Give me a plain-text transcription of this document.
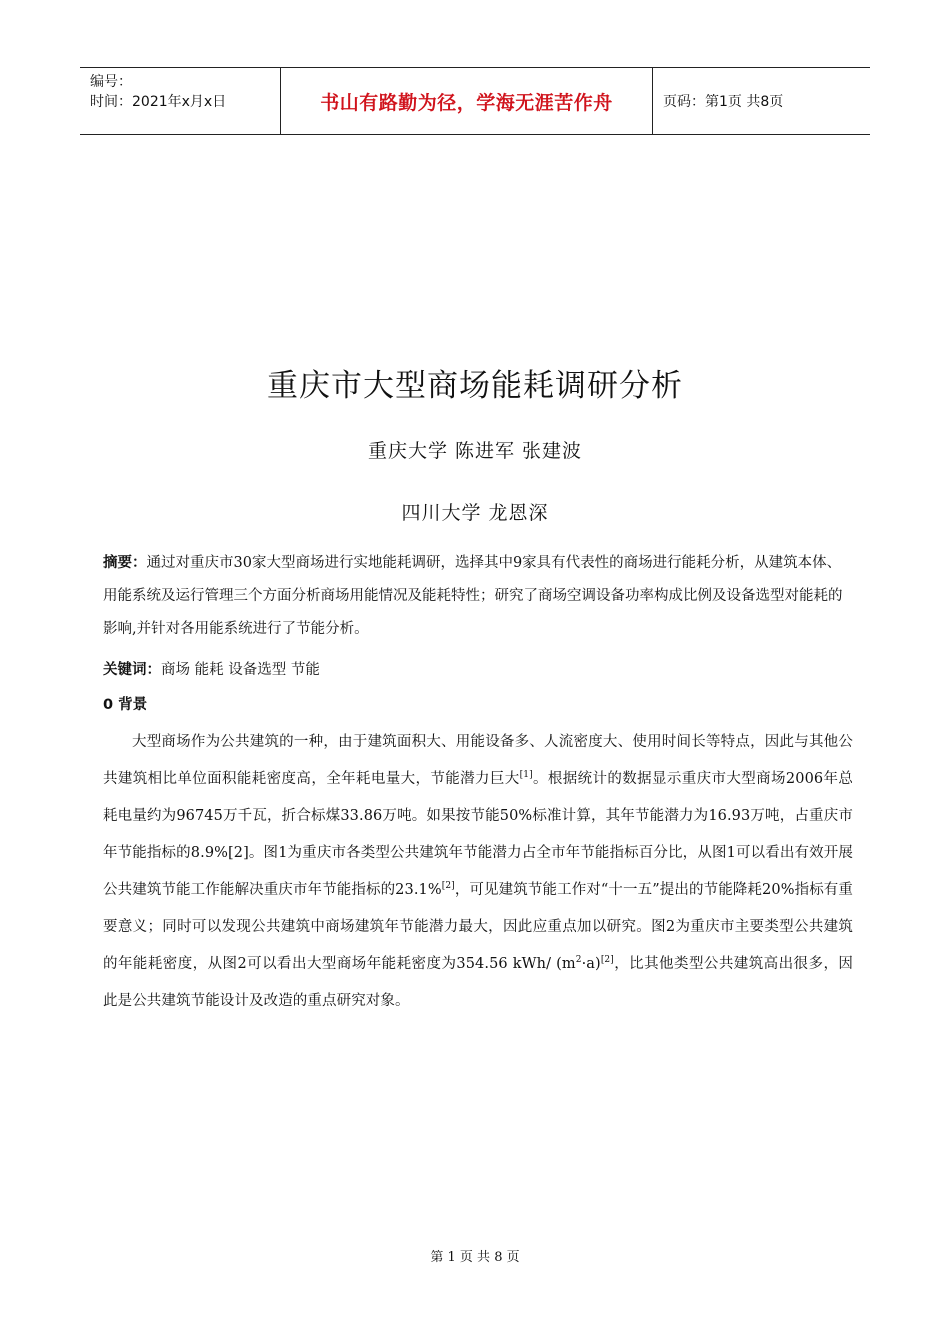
编号：
时间：2021年x月x日	书山有路勤为径，学海无涯苦作舟	页码：第1页 共8页
重庆市大型商场能耗调研分析
重庆大学 陈进军 张建波
四川大学 龙恩深
摘要：通过对重庆市30家大型商场进行实地能耗调研，选择其中9家具有代表性的商场进行能耗分析，从建筑本体、用能系统及运行管理三个方面分析商场用能情况及能耗特性；研究了商场空调设备功率构成比例及设备选型对能耗的影响,并针对各用能系统进行了节能分析。
关键词：商场 能耗 设备选型 节能
0 背景
大型商场作为公共建筑的一种，由于建筑面积大、用能设备多、人流密度大、使用时间长等特点，因此与其他公共建筑相比单位面积能耗密度高，全年耗电量大，节能潜力巨大[1]。根据统计的数据显示重庆市大型商场2006年总耗电量约为96745万千瓦，折合标煤33.86万吨。如果按节能50%标准计算，其年节能潜力为16.93万吨，占重庆市年节能指标的8.9%[2]。图1为重庆市各类型公共建筑年节能潜力占全市年节能指标百分比，从图1可以看出有效开展公共建筑节能工作能解决重庆市年节能指标的23.1%[2]，可见建筑节能工作对“十一五”提出的节能降耗20%指标有重要意义；同时可以发现公共建筑中商场建筑年节能潜力最大，因此应重点加以研究。图2为重庆市主要类型公共建筑的年能耗密度，从图2可以看出大型商场年能耗密度为354.56 kWh/ $(m^2\cdot a)[2]$，比其他类型公共建筑高出很多，因此是公共建筑节能设计及改造的重点研究对象。
第 1 页 共 8 页
